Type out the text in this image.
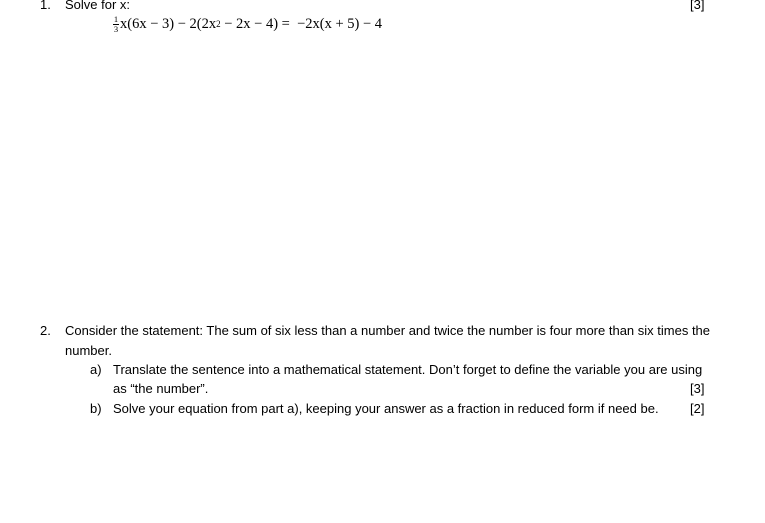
1. Solve for x:	[3]
$\frac{1}{3} x(6x - 3) - 2(2x$ 2 − 2x − 4) =  −2x(x + 5) − 4
2. Consider the statement: The sum of six less than a number and twice the number is four more than six times the
number.
a) Translate the sentence into a mathematical statement. Don’t forget to define the variable you are using
as “the number”.	[3]
b) Solve your equation from part a), keeping your answer as a fraction in reduced form if need be. [2]
